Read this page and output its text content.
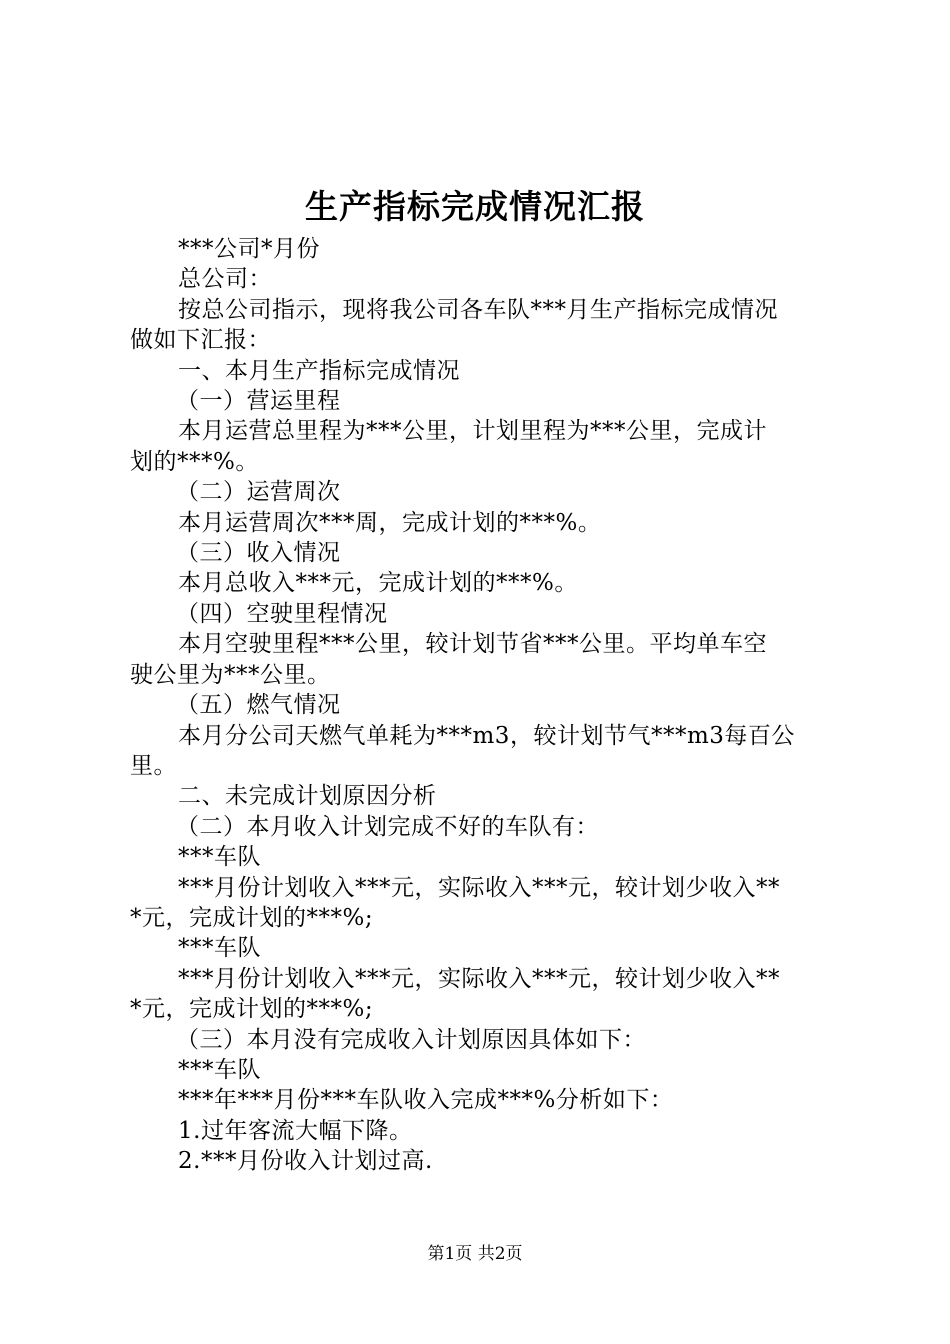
生产指标完成情况汇报
***公司*月份
总公司：
按总公司指示，现将我公司各车队***月生产指标完成情况
做如下汇报：
一、本月生产指标完成情况
（一）营运里程
本月运营总里程为***公里，计划里程为***公里，完成计
划的***%。
（二）运营周次
本月运营周次***周，完成计划的***%。
（三）收入情况
本月总收入***元，完成计划的***%。
（四）空驶里程情况
本月空驶里程***公里，较计划节省***公里。平均单车空
驶公里为***公里。
（五）燃气情况
本月分公司天燃气单耗为***m3，较计划节气***m3每百公
里。
二、未完成计划原因分析
（二）本月收入计划完成不好的车队有：
***车队
***月份计划收入***元，实际收入***元，较计划少收入**
*元，完成计划的***%;
***车队
***月份计划收入***元，实际收入***元，较计划少收入**
*元，完成计划的***%;
（三）本月没有完成收入计划原因具体如下：
***车队
***年***月份***车队收入完成***%分析如下：
1.过年客流大幅下降。
2.***月份收入计划过高.
第1页 共2页
